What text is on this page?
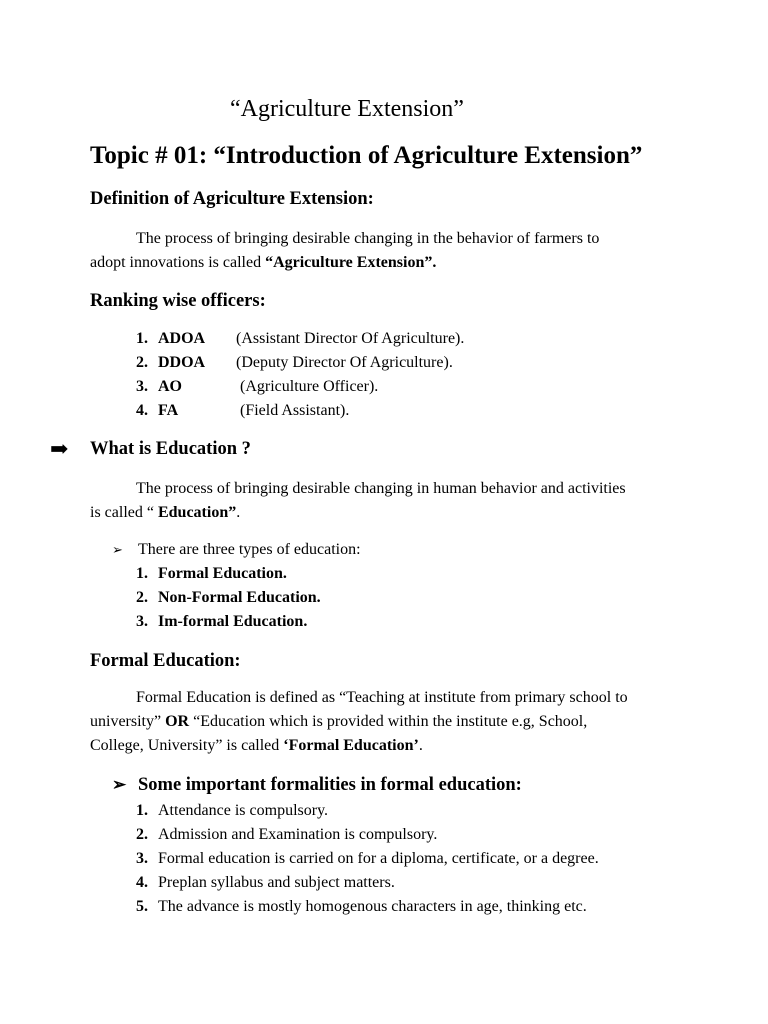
“Agriculture Extension”
Topic # 01: “Introduction of Agriculture Extension”
Definition of Agriculture Extension:
The process of bringing desirable changing in the behavior of farmers to
adopt innovations is called “Agriculture Extension”.
Ranking wise officers:
1. ADOA (Assistant Director Of Agriculture).
2. DDOA (Deputy Director Of Agriculture).
3. AO	(Agriculture Officer).
4. FA	(Field Assistant).
➡ What is Education ?
The process of bringing desirable changing in human behavior and activities
is called “ Education”.
➢ There are three types of education:
1. Formal Education.
2. Non-Formal Education.
3. Im-formal Education.
Formal Education:
Formal Education is defined as “Teaching at institute from primary school to
university” OR “Education which is provided within the institute e.g, School,
College, University” is called ‘Formal Education’.
➢ Some important formalities in formal education:
1. Attendance is compulsory.
2. Admission and Examination is compulsory.
3. Formal education is carried on for a diploma, certificate, or a degree.
4. Preplan syllabus and subject matters.
5. The advance is mostly homogenous characters in age, thinking etc.
